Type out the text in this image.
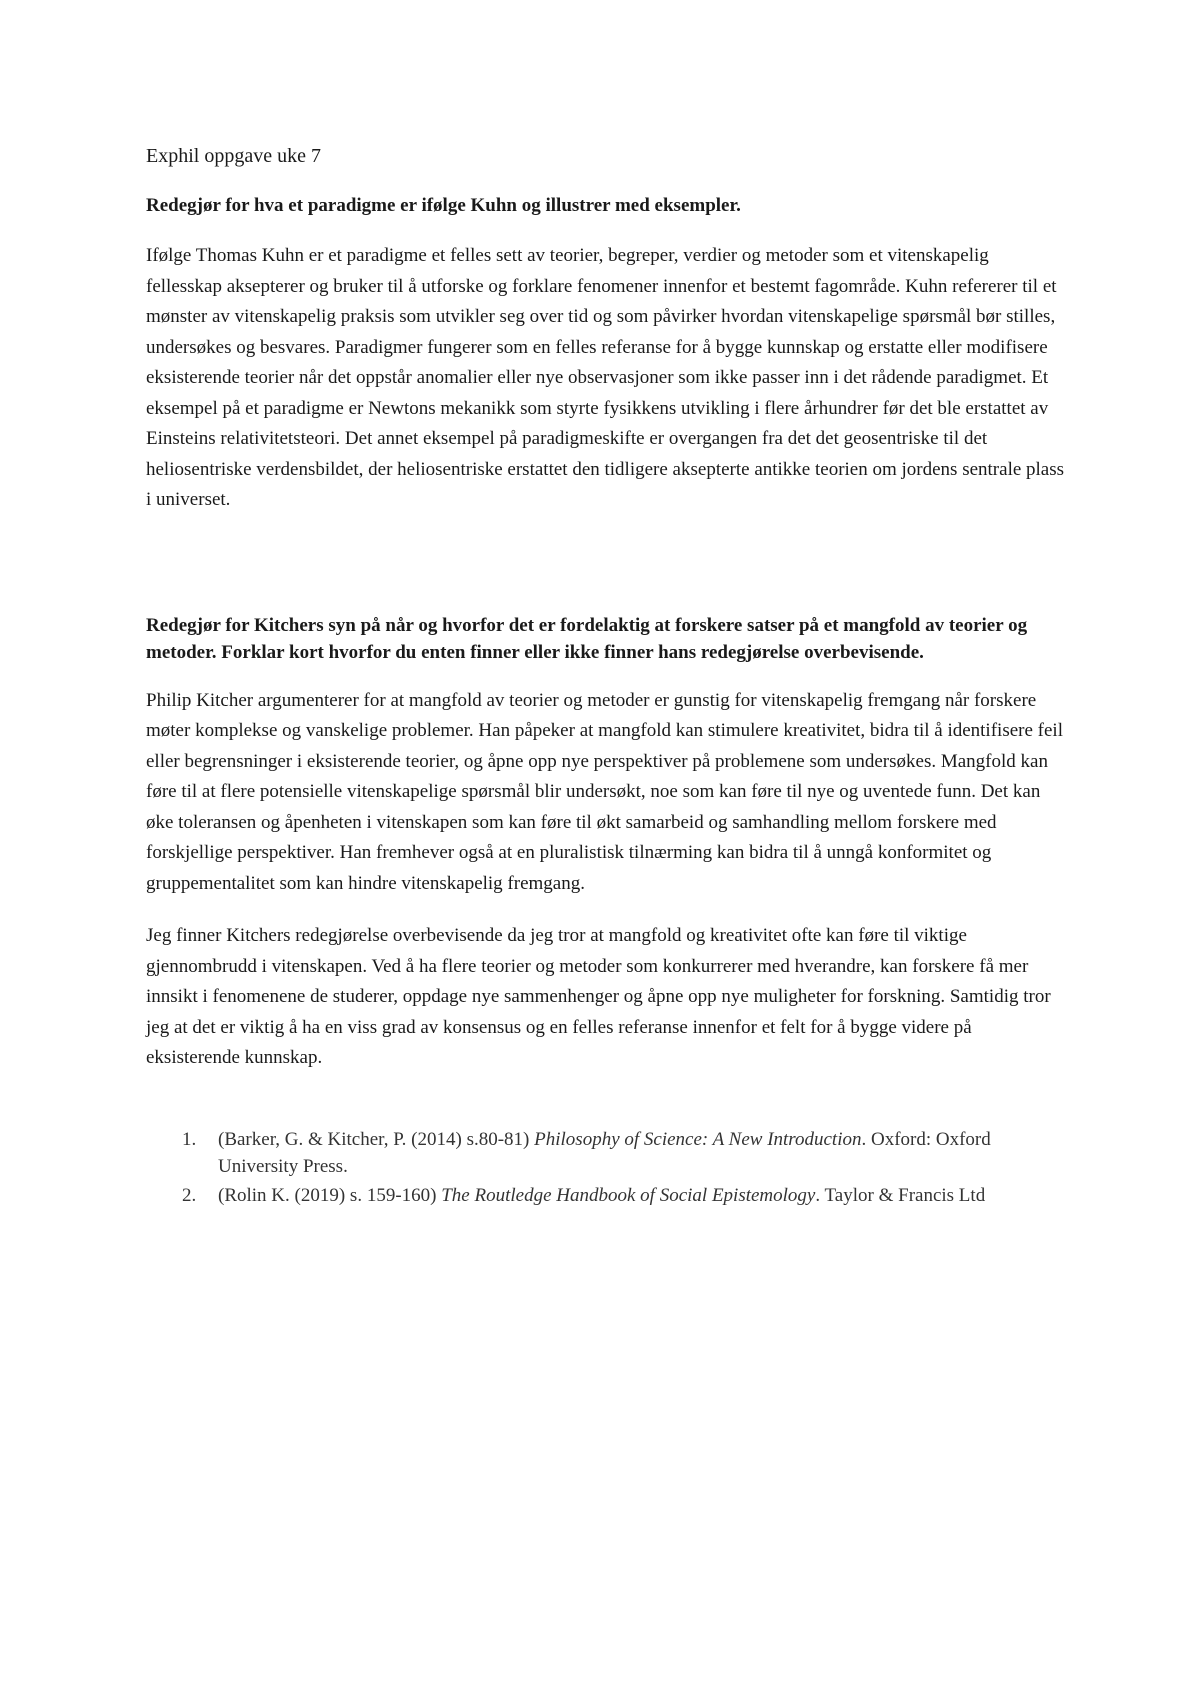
Exphil oppgave uke 7

Redegjør for hva et paradigme er ifølge Kuhn og illustrer med eksempler.

Ifølge Thomas Kuhn er et paradigme et felles sett av teorier, begreper, verdier og metoder som et vitenskapelig fellesskap aksepterer og bruker til å utforske og forklare fenomener innenfor et bestemt fagområde. Kuhn refererer til et mønster av vitenskapelig praksis som utvikler seg over tid og som påvirker hvordan vitenskapelige spørsmål bør stilles, undersøkes og besvares. Paradigmer fungerer som en felles referanse for å bygge kunnskap og erstatte eller modifisere eksisterende teorier når det oppstår anomalier eller nye observasjoner som ikke passer inn i det rådende paradigmet. Et eksempel på et paradigme er Newtons mekanikk som styrte fysikkens utvikling i flere århundrer før det ble erstattet av Einsteins relativitetsteori. Det annet eksempel på paradigmeskifte er overgangen fra det det geosentriske til det heliosentriske verdensbildet, der heliosentriske erstattet den tidligere aksepterte antikke teorien om jordens sentrale plass i universet.

Redegjør for Kitchers syn på når og hvorfor det er fordelaktig at forskere satser på et mangfold av teorier og metoder. Forklar kort hvorfor du enten finner eller ikke finner hans redegjørelse overbevisende.

Philip Kitcher argumenterer for at mangfold av teorier og metoder er gunstig for vitenskapelig fremgang når forskere møter komplekse og vanskelige problemer. Han påpeker at mangfold kan stimulere kreativitet, bidra til å identifisere feil eller begrensninger i eksisterende teorier, og åpne opp nye perspektiver på problemene som undersøkes. Mangfold kan føre til at flere potensielle vitenskapelige spørsmål blir undersøkt, noe som kan føre til nye og uventede funn. Det kan øke toleransen og åpenheten i vitenskapen som kan føre til økt samarbeid og samhandling mellom forskere med forskjellige perspektiver. Han fremhever også at en pluralistisk tilnærming kan bidra til å unngå konformitet og gruppementalitet som kan hindre vitenskapelig fremgang.

Jeg finner Kitchers redegjørelse overbevisende da jeg tror at mangfold og kreativitet ofte kan føre til viktige gjennombrudd i vitenskapen. Ved å ha flere teorier og metoder som konkurrerer med hverandre, kan forskere få mer innsikt i fenomenene de studerer, oppdage nye sammenhenger og åpne opp nye muligheter for forskning. Samtidig tror jeg at det er viktig å ha en viss grad av konsensus og en felles referanse innenfor et felt for å bygge videre på eksisterende kunnskap.

1. (Barker, G. & Kitcher, P. (2014) s.80-81) Philosophy of Science: A New Introduction. Oxford: Oxford University Press.
2. (Rolin K. (2019) s. 159-160) The Routledge Handbook of Social Epistemology. Taylor & Francis Ltd
